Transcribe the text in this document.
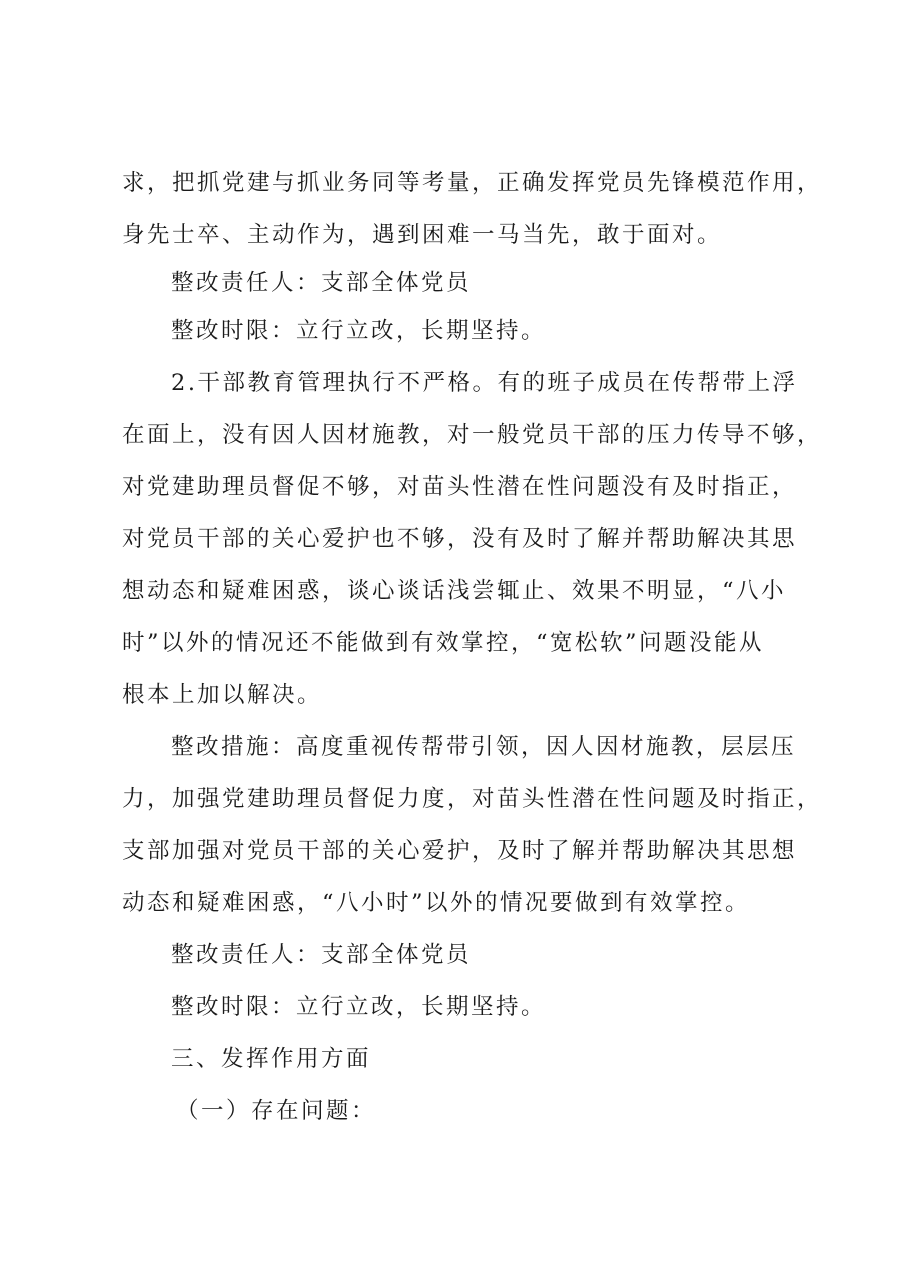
求，把抓党建与抓业务同等考量，正确发挥党员先锋模范作用，
身先士卒、主动作为，遇到困难一马当先，敢于面对。
整改责任人：支部全体党员
整改时限：立行立改，长期坚持。
2.干部教育管理执行不严格。有的班子成员在传帮带上浮
在面上，没有因人因材施教，对一般党员干部的压力传导不够，
对党建助理员督促不够，对苗头性潜在性问题没有及时指正，
对党员干部的关心爱护也不够，没有及时了解并帮助解决其思
想动态和疑难困惑，谈心谈话浅尝辄止、效果不明显，“八小
时”以外的情况还不能做到有效掌控，“宽松软”问题没能从
根本上加以解决。
整改措施：高度重视传帮带引领，因人因材施教，层层压
力，加强党建助理员督促力度，对苗头性潜在性问题及时指正，
支部加强对党员干部的关心爱护，及时了解并帮助解决其思想
动态和疑难困惑，“八小时”以外的情况要做到有效掌控。
整改责任人：支部全体党员
整改时限：立行立改，长期坚持。
三、发挥作用方面
（一）存在问题：
